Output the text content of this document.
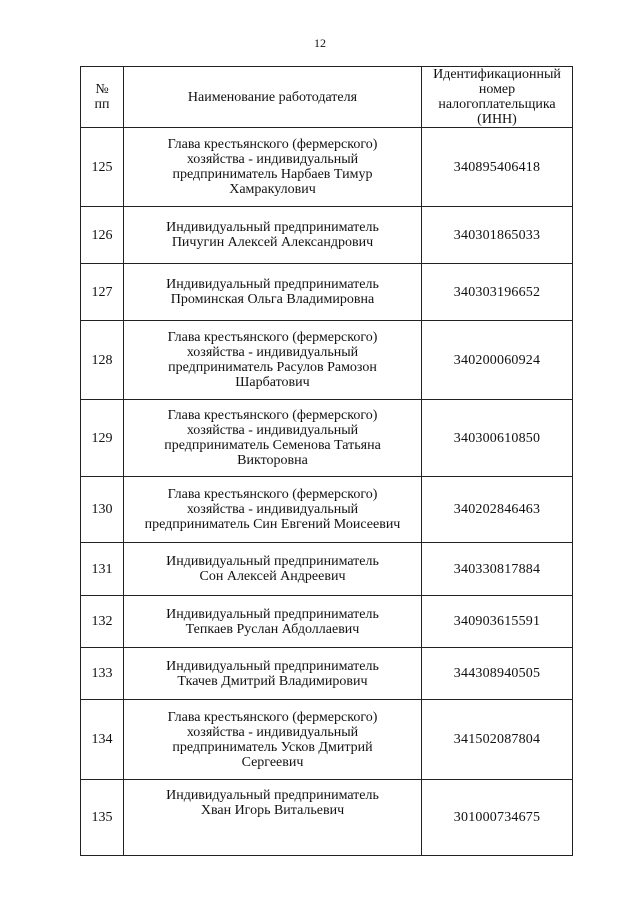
12
№
пп	Наименование работодателя	Идентификационный
номер
налогоплательщика
(ИНН)
125	Глава крестьянского (фермерского)
хозяйства - индивидуальный
предприниматель Нарбаев Тимур
Хамракулович	340895406418
126	Индивидуальный предприниматель
Пичугин Алексей Александрович	340301865033
127	Индивидуальный предприниматель
Проминская Ольга Владимировна	340303196652
128	Глава крестьянского (фермерского)
хозяйства - индивидуальный
предприниматель Расулов Рамозон
Шарбатович	340200060924
129	Глава крестьянского (фермерского)
хозяйства - индивидуальный
предприниматель Семенова Татьяна
Викторовна	340300610850
130	Глава крестьянского (фермерского)
хозяйства - индивидуальный
предприниматель Син Евгений Моисеевич	340202846463
131	Индивидуальный предприниматель
Сон Алексей Андреевич	340330817884
132	Индивидуальный предприниматель
Тепкаев Руслан Абдоллаевич	340903615591
133	Индивидуальный предприниматель
Ткачев Дмитрий Владимирович	344308940505
134	Глава крестьянского (фермерского)
хозяйства - индивидуальный
предприниматель Усков Дмитрий
Сергеевич	341502087804
135	Индивидуальный предприниматель
Хван Игорь Витальевич	301000734675
